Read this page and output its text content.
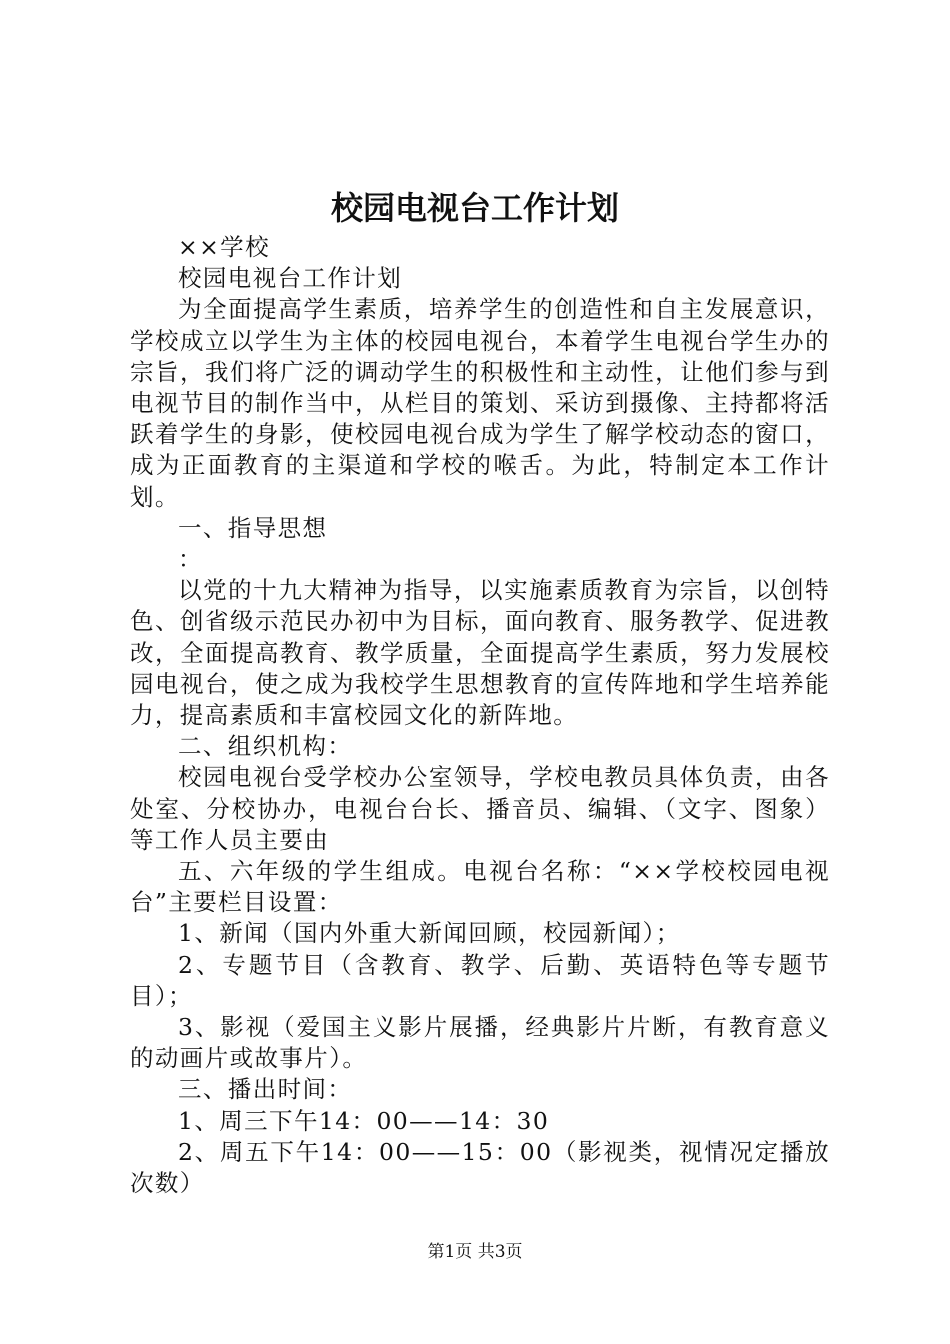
校园电视台工作计划

××学校

校园电视台工作计划

为全面提高学生素质，培养学生的创造性和自主发展意识，学校成立以学生为主体的校园电视台，本着学生电视台学生办的宗旨，我们将广泛的调动学生的积极性和主动性，让他们参与到电视节目的制作当中，从栏目的策划、采访到摄像、主持都将活跃着学生的身影，使校园电视台成为学生了解学校动态的窗口，成为正面教育的主渠道和学校的喉舌。为此，特制定本工作计划。

一、指导思想

：

以党的十九大精神为指导，以实施素质教育为宗旨，以创特色、创省级示范民办初中为目标，面向教育、服务教学、促进教改，全面提高教育、教学质量，全面提高学生素质，努力发展校园电视台，使之成为我校学生思想教育的宣传阵地和学生培养能力，提高素质和丰富校园文化的新阵地。

二、组织机构：

校园电视台受学校办公室领导，学校电教员具体负责，由各处室、分校协办，电视台台长、播音员、编辑、（文字、图象）等工作人员主要由

五、六年级的学生组成。电视台名称：“××学校校园电视台”主要栏目设置：

1、新闻（国内外重大新闻回顾，校园新闻）；

2、专题节目（含教育、教学、后勤、英语特色等专题节目）；

3、影视（爱国主义影片展播，经典影片片断，有教育意义的动画片或故事片）。

三、播出时间：

1、周三下午14：00——14：30

2、周五下午14：00——15：00（影视类，视情况定播放次数）

第1页 共3页
